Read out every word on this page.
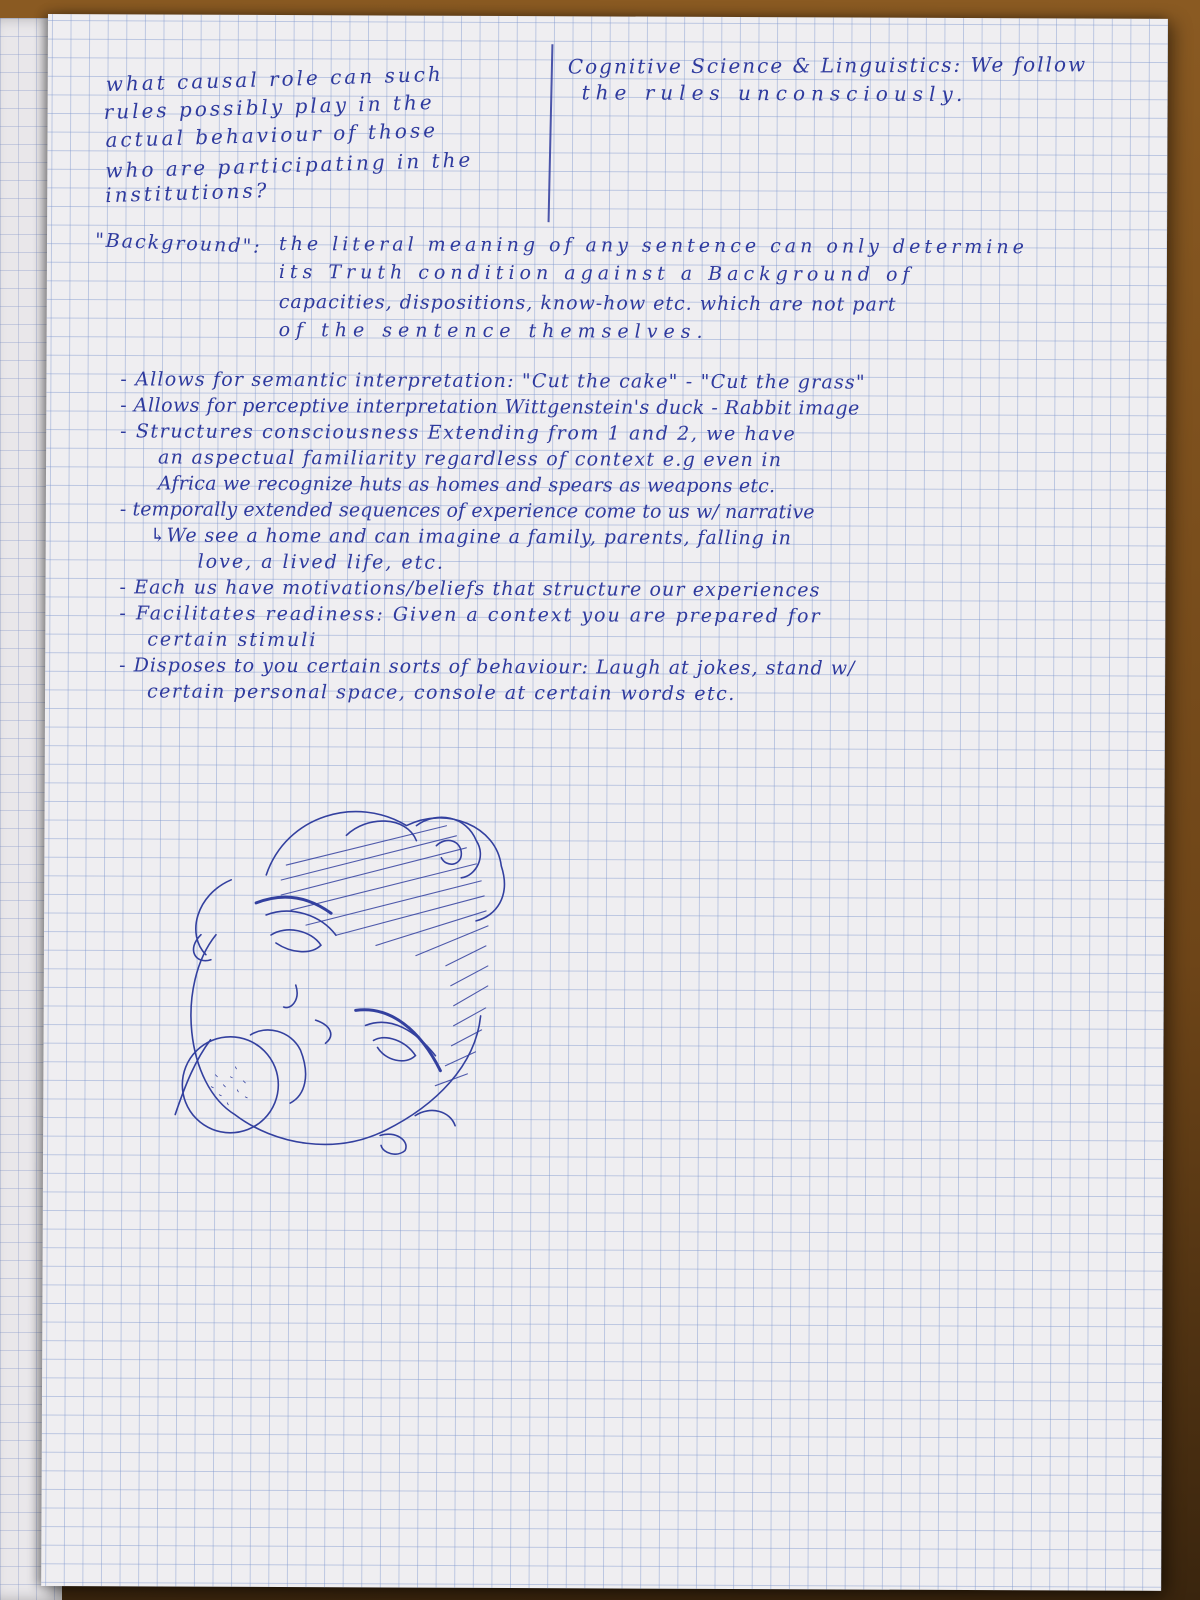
what causal role can such
rules possibly play in the
actual behaviour of those
who are participating in the
institutions?
Cognitive Science & Linguistics: We follow
the rules unconsciously.
"Background": the literal meaning of any sentence can only determine
its Truth condition against a Background of
capacities, dispositions, know-how etc. which are not part
of the sentence themselves.
- Allows for semantic interpretation: "Cut the cake" - "Cut the grass"
- Allows for perceptive interpretation Wittgenstein's duck - Rabbit image
- Structures consciousness Extending from 1 and 2, we have
an aspectual familiarity regardless of context e.g even in
Africa we recognize huts as homes and spears as weapons etc.
- temporally extended sequences of experience come to us w/ narrative
↳We see a home and can imagine a family, parents, falling in
love, a lived life, etc.
- Each us have motivations/beliefs that structure our experiences
- Facilitates readiness: Given a context you are prepared for
certain stimuli
- Disposes to you certain sorts of behaviour: Laugh at jokes, stand w/
certain personal space, console at certain words etc.
